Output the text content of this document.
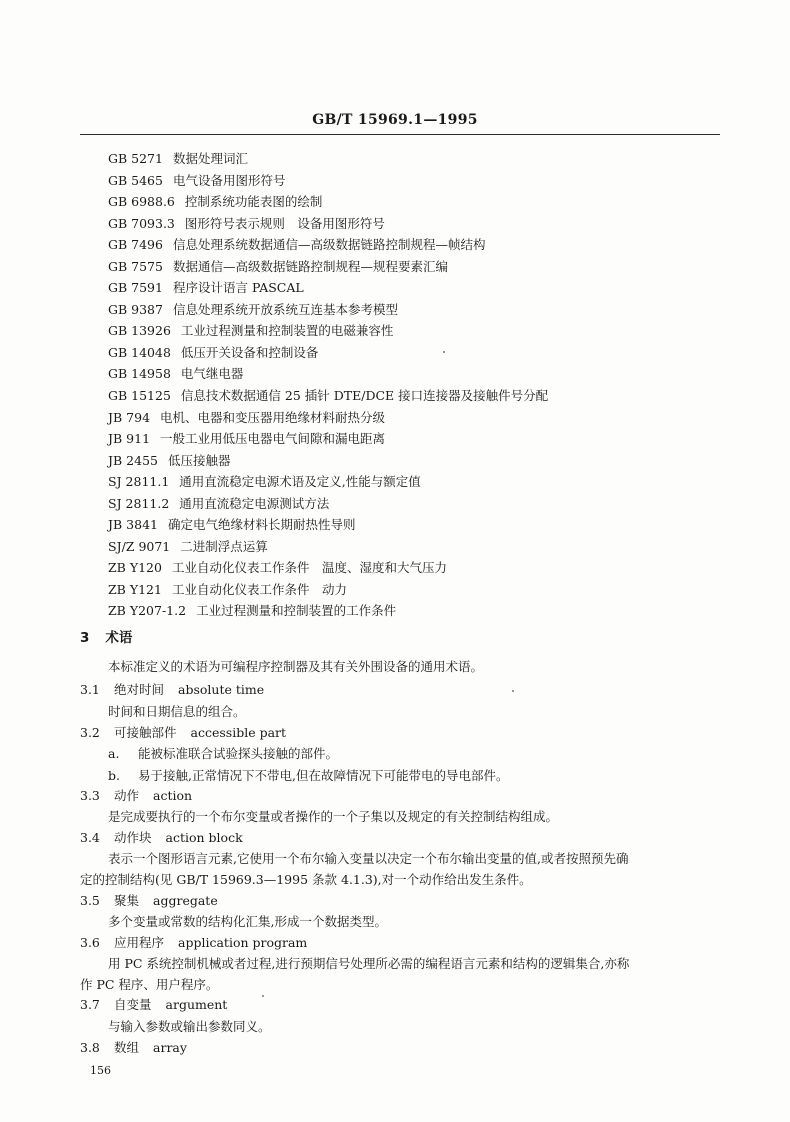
GB/T 15969.1—1995
GB 5271 数据处理词汇
GB 5465 电气设备用图形符号
GB 6988.6 控制系统功能表图的绘制
GB 7093.3 图形符号表示规则　设备用图形符号
GB 7496 信息处理系统数据通信—高级数据链路控制规程—帧结构
GB 7575 数据通信—高级数据链路控制规程—规程要素汇编
GB 7591 程序设计语言 PASCAL
GB 9387 信息处理系统开放系统互连基本参考模型
GB 13926 工业过程测量和控制装置的电磁兼容性
GB 14048 低压开关设备和控制设备
GB 14958 电气继电器
GB 15125 信息技术数据通信 25 插针 DTE/DCE 接口连接器及接触件号分配
JB 794 电机、电器和变压器用绝缘材料耐热分级
JB 911 一般工业用低压电器电气间隙和漏电距离
JB 2455 低压接触器
SJ 2811.1 通用直流稳定电源术语及定义,性能与额定值
SJ 2811.2 通用直流稳定电源测试方法
JB 3841 确定电气绝缘材料长期耐热性导则
SJ/Z 9071 二进制浮点运算
ZB Y120 工业自动化仪表工作条件　温度、湿度和大气压力
ZB Y121 工业自动化仪表工作条件　动力
ZB Y207-1.2 工业过程测量和控制装置的工作条件
3 术语
本标准定义的术语为可编程序控制器及其有关外围设备的通用术语。
3.1 绝对时间 absolute time
时间和日期信息的组合。
3.2 可接触部件 accessible part
a. 能被标准联合试验探头接触的部件。
b. 易于接触,正常情况下不带电,但在故障情况下可能带电的导电部件。
3.3 动作 action
是完成要执行的一个布尔变量或者操作的一个子集以及规定的有关控制结构组成。
3.4 动作块 action block
表示一个图形语言元素,它使用一个布尔输入变量以决定一个布尔输出变量的值,或者按照预先确
定的控制结构(见 GB/T 15969.3—1995 条款 4.1.3),对一个动作给出发生条件。
3.5 聚集 aggregate
多个变量或常数的结构化汇集,形成一个数据类型。
3.6 应用程序 application program
用 PC 系统控制机械或者过程,进行预期信号处理所必需的编程语言元素和结构的逻辑集合,亦称
作 PC 程序、用户程序。
3.7 自变量 argument
与输入参数或输出参数同义。
3.8 数组 array
156
